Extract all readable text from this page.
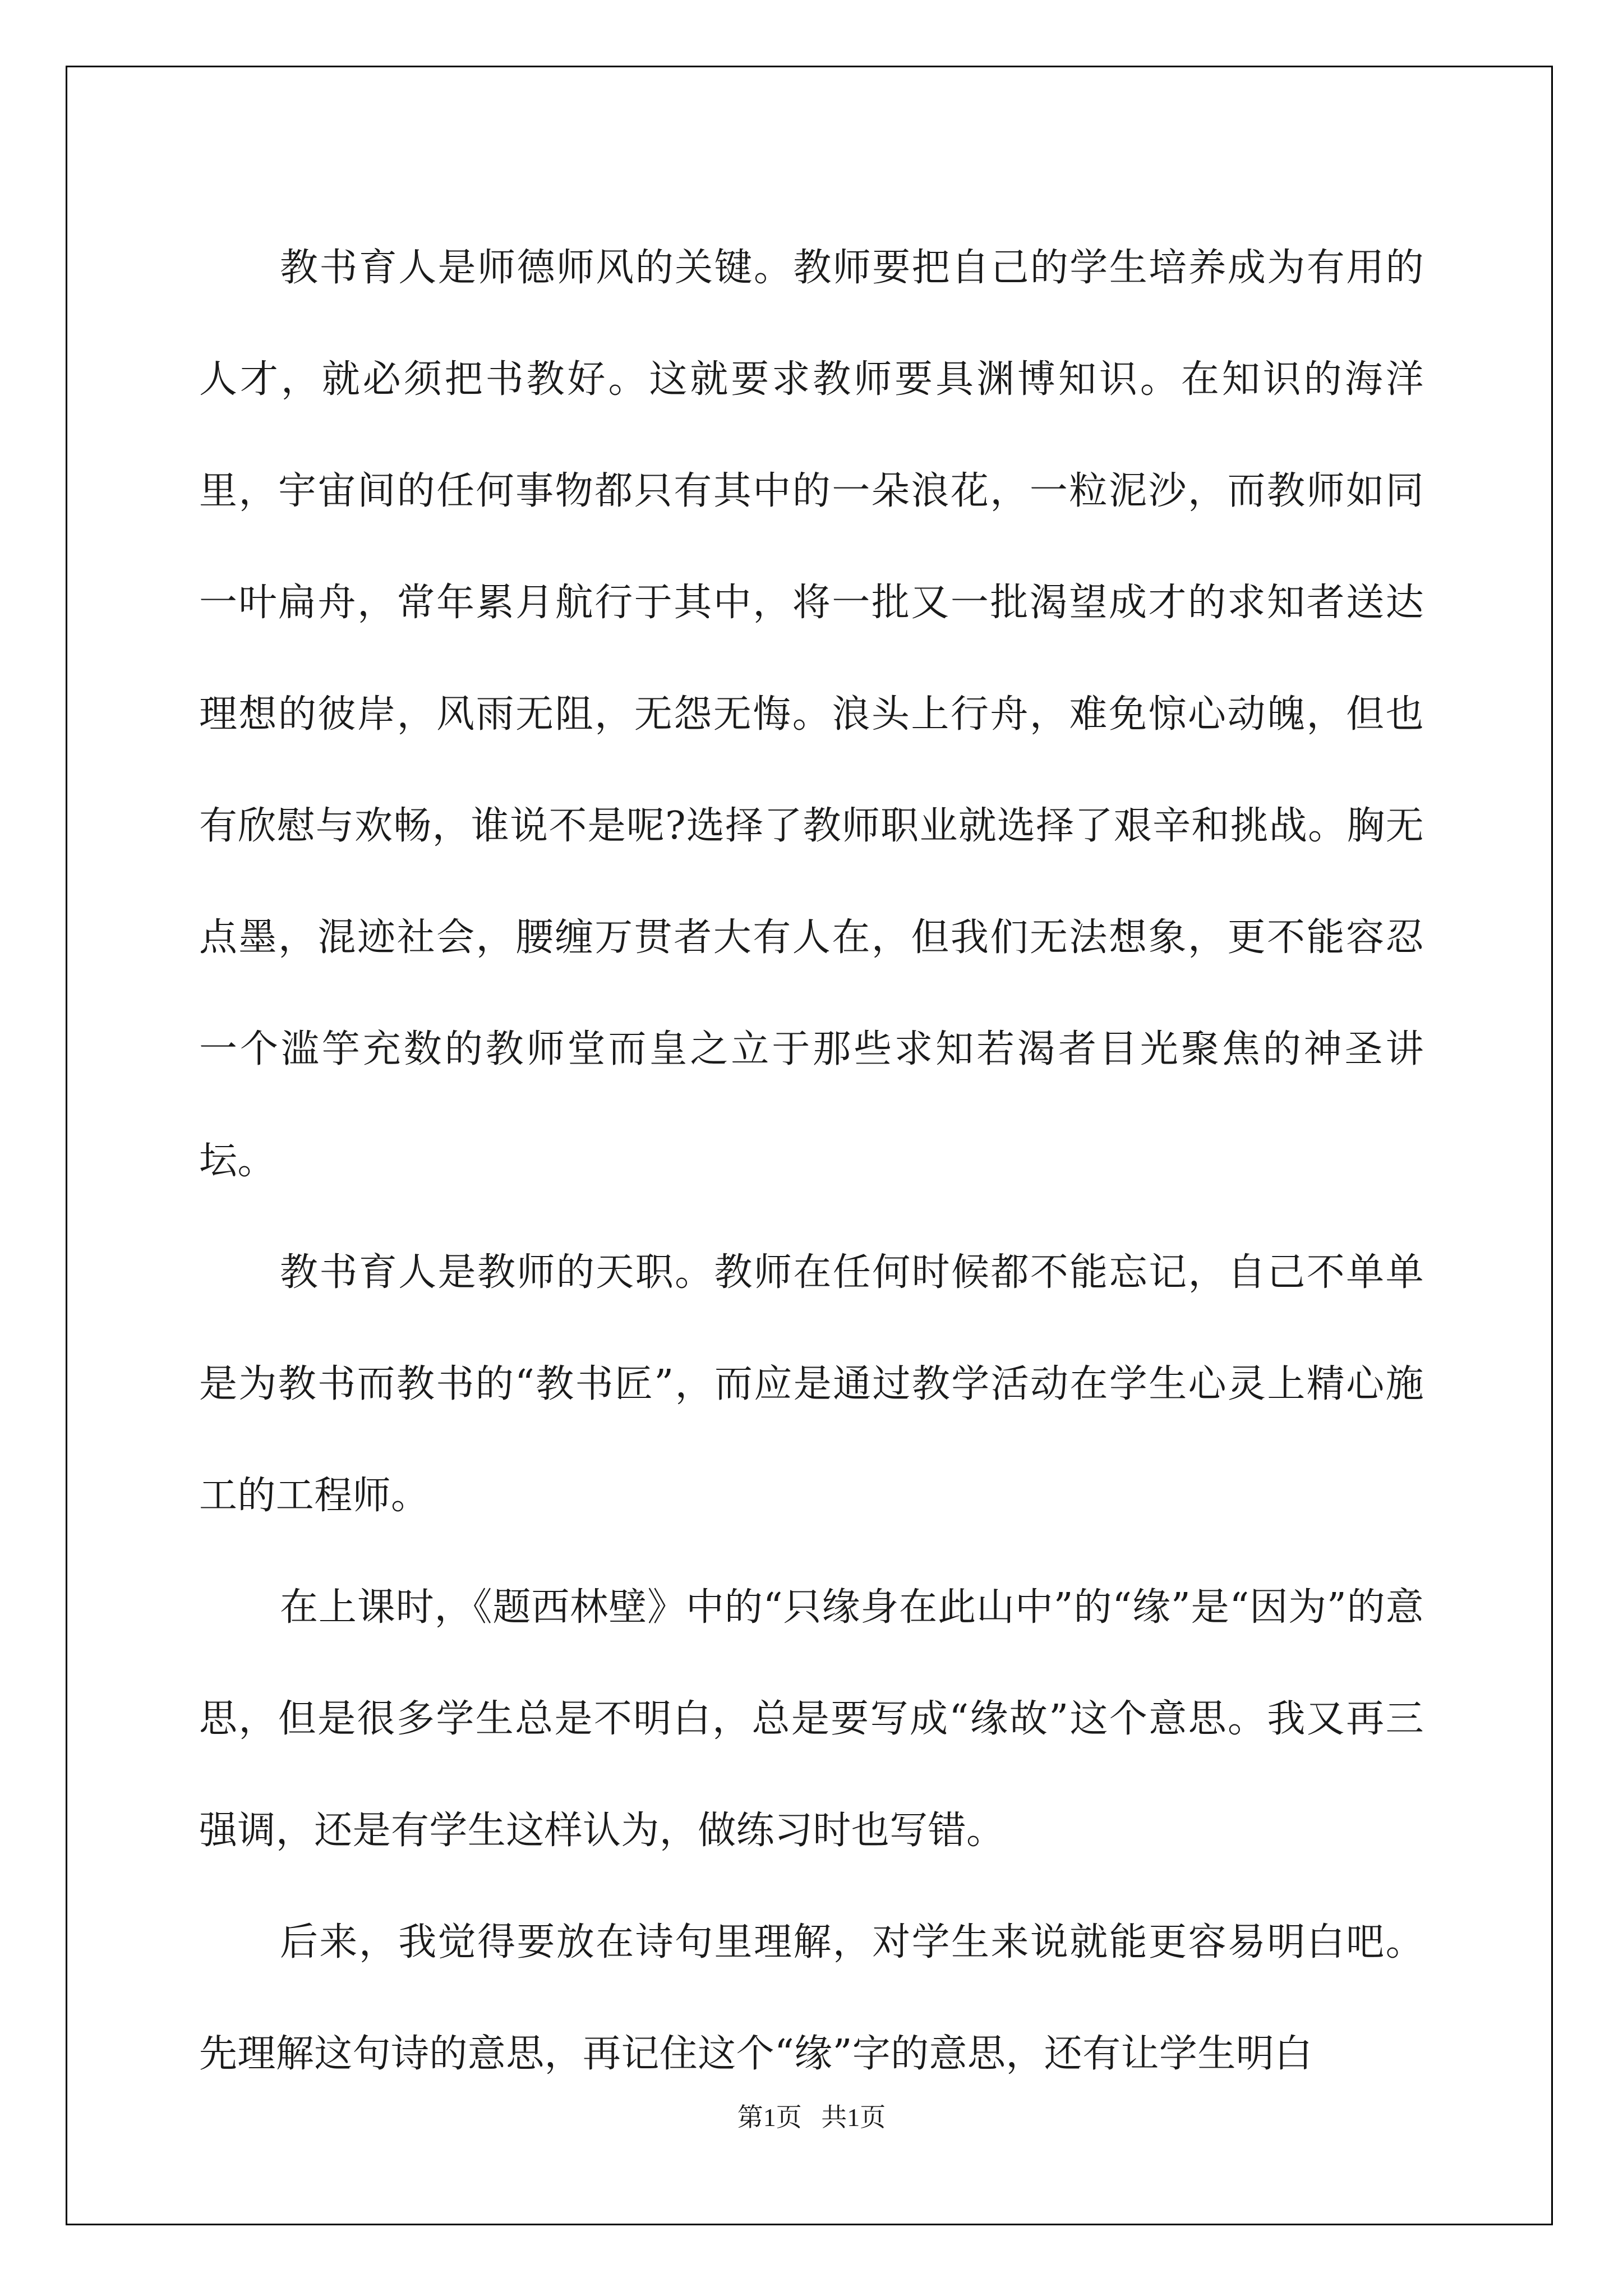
教书育人是师德师风的关键。教师要把自己的学生培养成为有用的人才，就必须把书教好。这就要求教师要具渊博知识。在知识的海洋里，宇宙间的任何事物都只有其中的一朵浪花，一粒泥沙，而教师如同一叶扁舟，常年累月航行于其中，将一批又一批渴望成才的求知者送达理想的彼岸，风雨无阻，无怨无悔。浪头上行舟，难免惊心动魄，但也有欣慰与欢畅，谁说不是呢?选择了教师职业就选择了艰辛和挑战。胸无点墨，混迹社会，腰缠万贯者大有人在，但我们无法想象，更不能容忍一个滥竽充数的教师堂而皇之立于那些求知若渴者目光聚焦的神圣讲坛。

教书育人是教师的天职。教师在任何时候都不能忘记，自己不单单是为教书而教书的“教书匠”，而应是通过教学活动在学生心灵上精心施工的工程师。

在上课时，《题西林壁》中的“只缘身在此山中”的“缘”是“因为”的意思，但是很多学生总是不明白，总是要写成“缘故”这个意思。我又再三强调，还是有学生这样认为，做练习时也写错。

后来，我觉得要放在诗句里理解，对学生来说就能更容易明白吧。先理解这句诗的意思，再记住这个“缘”字的意思，还有让学生明白

第1页   共1页
